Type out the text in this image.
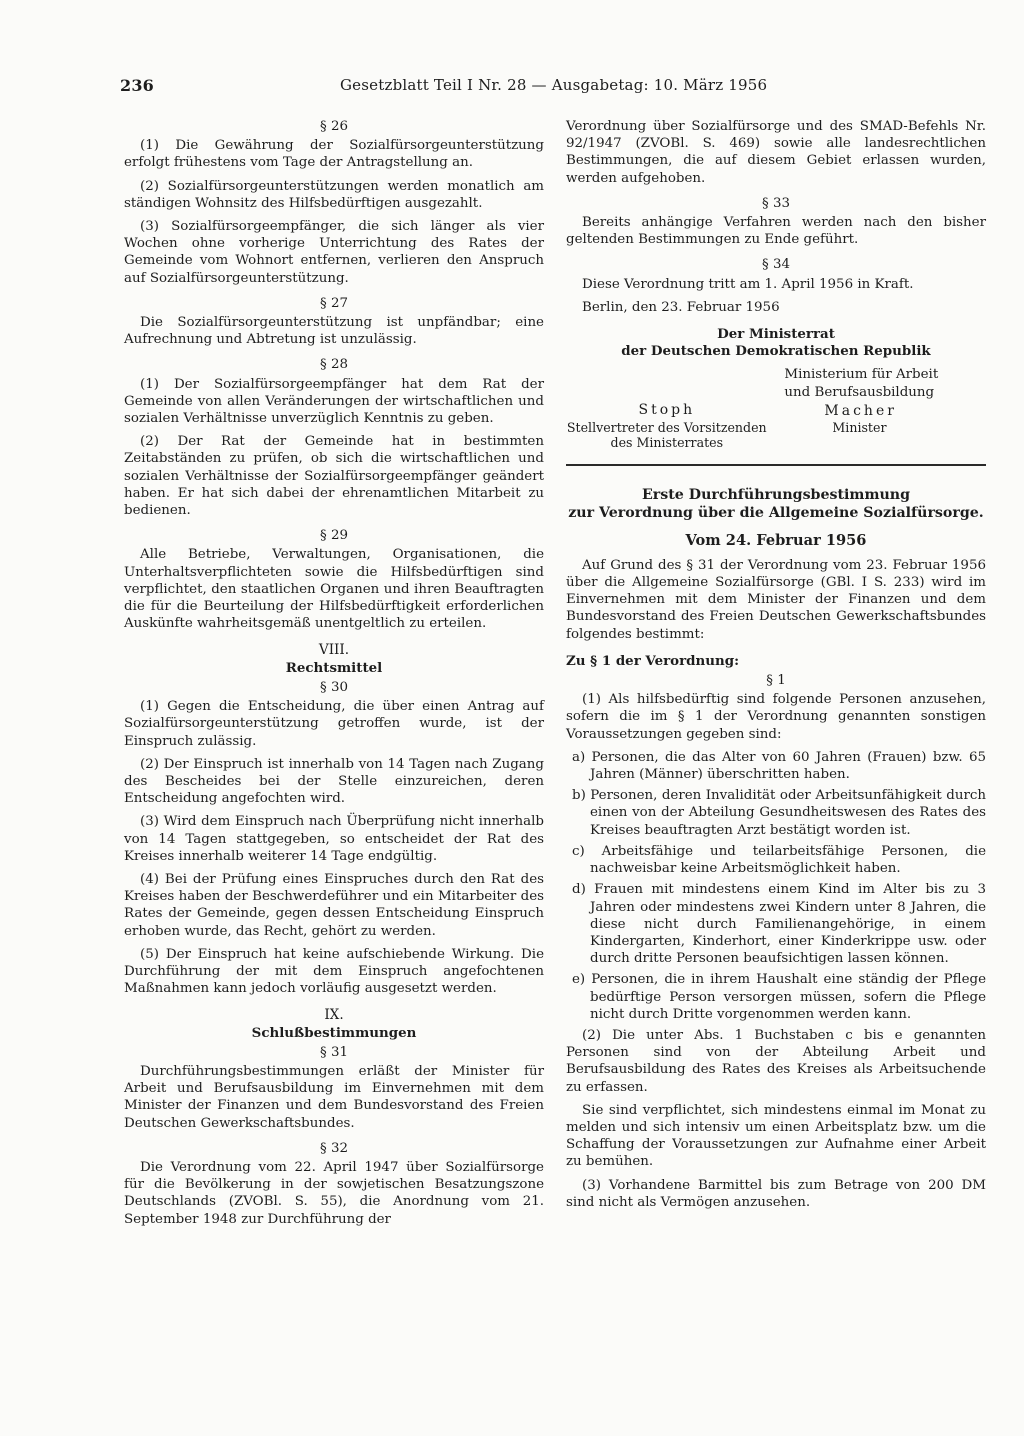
236	Gesetzblatt Teil I Nr. 28 — Ausgabetag: 10. März 1956
§ 26

(1) Die Gewährung der Sozialfürsorgeunterstützung erfolgt frühestens vom Tage der Antragstellung an.

(2) Sozialfürsorgeunterstützungen werden monatlich am ständigen Wohnsitz des Hilfsbedürftigen ausgezahlt.

(3) Sozialfürsorgeempfänger, die sich länger als vier Wochen ohne vorherige Unterrichtung des Rates der Gemeinde vom Wohnort entfernen, verlieren den Anspruch auf Sozialfürsorgeunterstützung.

§ 27

Die Sozialfürsorgeunterstützung ist unpfändbar; eine Aufrechnung und Abtretung ist unzulässig.

§ 28

(1) Der Sozialfürsorgeempfänger hat dem Rat der Gemeinde von allen Veränderungen der wirtschaftlichen und sozialen Verhältnisse unverzüglich Kenntnis zu geben.

(2) Der Rat der Gemeinde hat in bestimmten Zeitabständen zu prüfen, ob sich die wirtschaftlichen und sozialen Verhältnisse der Sozialfürsorgeempfänger geändert haben. Er hat sich dabei der ehrenamtlichen Mitarbeit zu bedienen.

§ 29

Alle Betriebe, Verwaltungen, Organisationen, die Unterhaltsverpflichteten sowie die Hilfsbedürftigen sind verpflichtet, den staatlichen Organen und ihren Beauftragten die für die Beurteilung der Hilfsbedürftigkeit erforderlichen Auskünfte wahrheitsgemäß unentgeltlich zu erteilen.

VIII.
Rechtsmittel
§ 30

(1) Gegen die Entscheidung, die über einen Antrag auf Sozialfürsorgeunterstützung getroffen wurde, ist der Einspruch zulässig.

(2) Der Einspruch ist innerhalb von 14 Tagen nach Zugang des Bescheides bei der Stelle einzureichen, deren Entscheidung angefochten wird.

(3) Wird dem Einspruch nach Überprüfung nicht innerhalb von 14 Tagen stattgegeben, so entscheidet der Rat des Kreises innerhalb weiterer 14 Tage endgültig.

(4) Bei der Prüfung eines Einspruches durch den Rat des Kreises haben der Beschwerdeführer und ein Mitarbeiter des Rates der Gemeinde, gegen dessen Entscheidung Einspruch erhoben wurde, das Recht, gehört zu werden.

(5) Der Einspruch hat keine aufschiebende Wirkung. Die Durchführung der mit dem Einspruch angefochtenen Maßnahmen kann jedoch vorläufig ausgesetzt werden.

IX.
Schlußbestimmungen
§ 31

Durchführungsbestimmungen erläßt der Minister für Arbeit und Berufsausbildung im Einvernehmen mit dem Minister der Finanzen und dem Bundesvorstand des Freien Deutschen Gewerkschaftsbundes.

§ 32

Die Verordnung vom 22. April 1947 über Sozialfürsorge für die Bevölkerung in der sowjetischen Besatzungszone Deutschlands (ZVOBl. S. 55), die Anordnung vom 21. September 1948 zur Durchführung der

Verordnung über Sozialfürsorge und des SMAD-Befehls Nr. 92/1947 (ZVOBl. S. 469) sowie alle landesrechtlichen Bestimmungen, die auf diesem Gebiet erlassen wurden, werden aufgehoben.

§ 33

Bereits anhängige Verfahren werden nach den bisher geltenden Bestimmungen zu Ende geführt.

§ 34

Diese Verordnung tritt am 1. April 1956 in Kraft.

Berlin, den 23. Februar 1956

Der Ministerrat
der Deutschen Demokratischen Republik
Stoph
Stellvertreter des Vorsitzenden
des Ministerrates
Ministerium für Arbeit
und Berufsausbildung
Macher
Minister
Erste Durchführungsbestimmung
zur Verordnung über die Allgemeine Sozialfürsorge.
Vom 24. Februar 1956

Auf Grund des § 31 der Verordnung vom 23. Februar 1956 über die Allgemeine Sozialfürsorge (GBl. I S. 233) wird im Einvernehmen mit dem Minister der Finanzen und dem Bundesvorstand des Freien Deutschen Gewerkschaftsbundes folgendes bestimmt:

Zu § 1 der Verordnung:
§ 1

(1) Als hilfsbedürftig sind folgende Personen anzusehen, sofern die im § 1 der Verordnung genannten sonstigen Voraussetzungen gegeben sind:

a) Personen, die das Alter von 60 Jahren (Frauen) bzw. 65 Jahren (Männer) überschritten haben.

b) Personen, deren Invalidität oder Arbeitsunfähigkeit durch einen von der Abteilung Gesundheitswesen des Rates des Kreises beauftragten Arzt bestätigt worden ist.

c) Arbeitsfähige und teilarbeitsfähige Personen, die nachweisbar keine Arbeitsmöglichkeit haben.

d) Frauen mit mindestens einem Kind im Alter bis zu 3 Jahren oder mindestens zwei Kindern unter 8 Jahren, die diese nicht durch Familienangehörige, in einem Kindergarten, Kinderhort, einer Kinderkrippe usw. oder durch dritte Personen beaufsichtigen lassen können.

e) Personen, die in ihrem Haushalt eine ständig der Pflege bedürftige Person versorgen müssen, sofern die Pflege nicht durch Dritte vorgenommen werden kann.

(2) Die unter Abs. 1 Buchstaben c bis e genannten Personen sind von der Abteilung Arbeit und Berufsausbildung des Rates des Kreises als Arbeitsuchende zu erfassen.

Sie sind verpflichtet, sich mindestens einmal im Monat zu melden und sich intensiv um einen Arbeitsplatz bzw. um die Schaffung der Voraussetzungen zur Aufnahme einer Arbeit zu bemühen.

(3) Vorhandene Barmittel bis zum Betrage von 200 DM sind nicht als Vermögen anzusehen.
